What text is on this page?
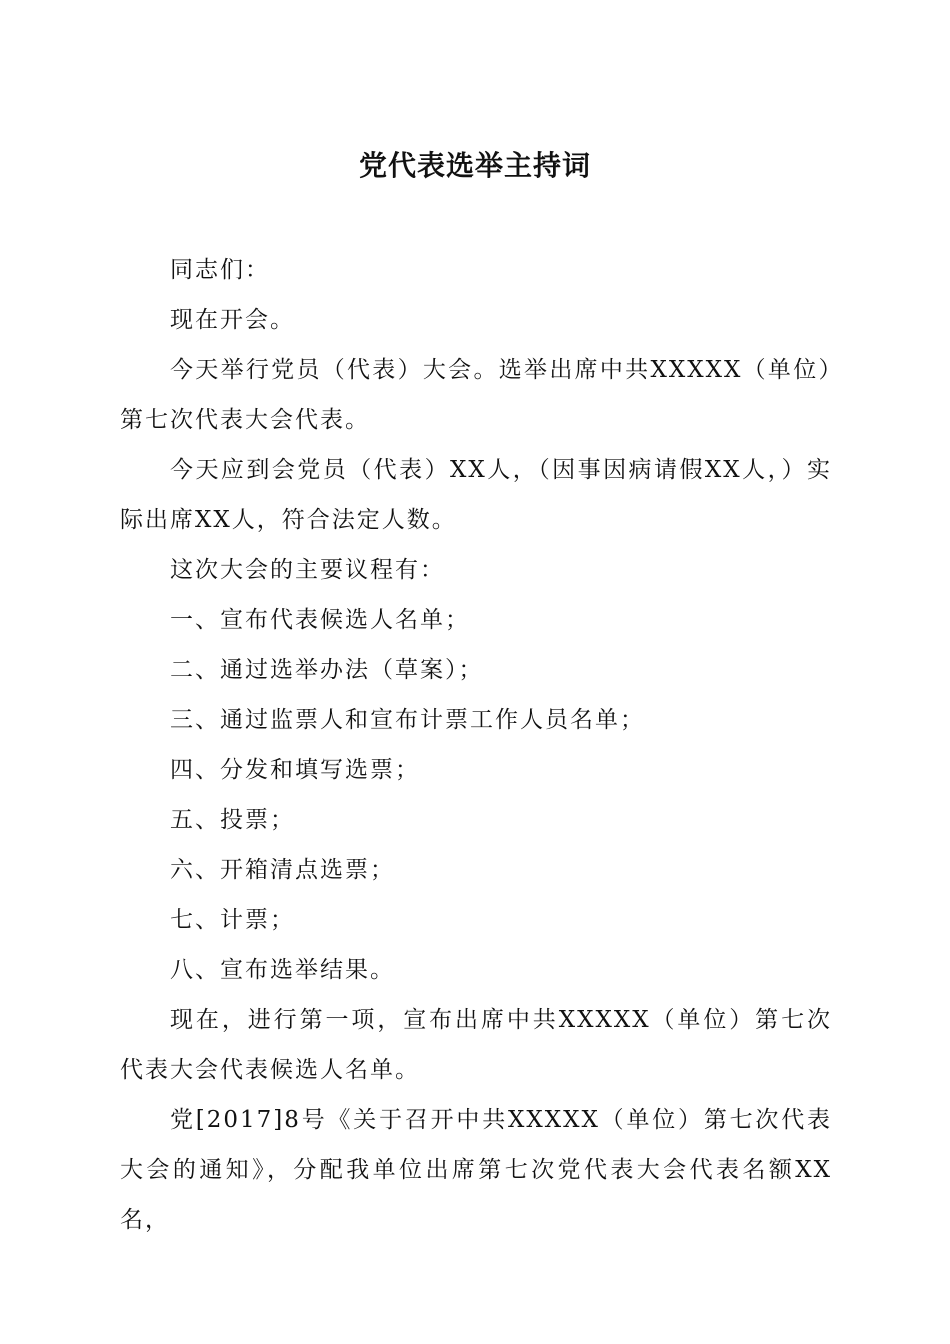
党代表选举主持词

同志们：

现在开会。

今天举行党员（代表）大会。选举出席中共XXXXX（单位）第七次代表大会代表。

今天应到会党员（代表）XX人，（因事因病请假XX人，）实际出席XX人，符合法定人数。

这次大会的主要议程有：

一、宣布代表候选人名单；

二、通过选举办法（草案）；

三、通过监票人和宣布计票工作人员名单；

四、分发和填写选票；

五、投票；

六、开箱清点选票；

七、计票；

八、宣布选举结果。

现在，进行第一项，宣布出席中共XXXXX（单位）第七次代表大会代表候选人名单。

党[2017]8号《关于召开中共XXXXX（单位）第七次代表大会的通知》，分配我单位出席第七次党代表大会代表名额XX名，
